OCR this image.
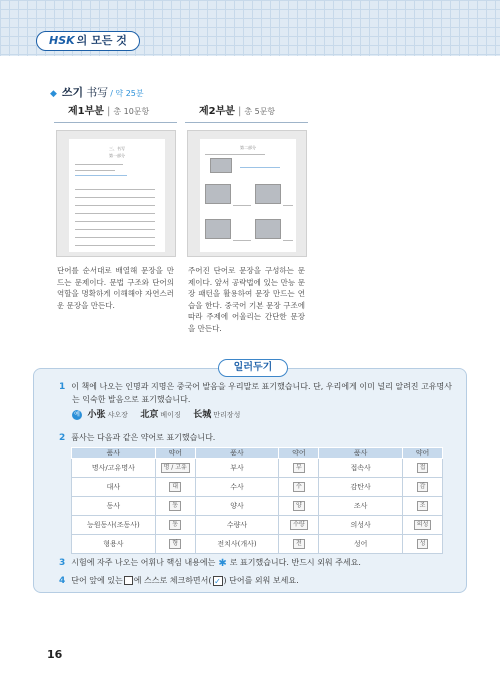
HSK 의 모든 것
◆ 쓰기 书写 / 약 25분
제1부분 | 총 10문항
三、书写
第一部分
단어를 순서대로 배열해 문장을 만드는 문제이다. 문법 구조와 단어의 역할을 명확하게 이해해야 자연스러운 문장을 만든다.
제2부분 | 총 5문항
第二部分
주어진 단어로 문장을 구성하는 문제이다. 앞서 공략법에 있는 만능 문장 패턴을 활용하여 문장 만드는 연습을 한다. 중국어 기본 문장 구조에 따라 주제에 어울리는 간단한 문장을 만든다.
일러두기
1 이 책에 나오는 인명과 지명은 중국어 발음을 우리말로 표기했습니다. 단, 우리에게 이미 널리 알려진 고유명사
는 익숙한 발음으로 표기했습니다.
예 小张 샤오장 北京 베이징 长城 만리장성
2 품사는 다음과 같은 약어로 표기했습니다.
품사	약어	품사	약어	품사	약어
명사/고유명사	명 / 고유	부사	부	접속사	접
대사	대	수사	수	감탄사	감
동사	동	양사	양	조사	조
능원동사(조동사)	동	수량사	수량	의성사	의성
형용사	형	전치사(개사)	전	성어	성
3 시험에 자주 나오는 어휘나 핵심 내용에는 ✱ 로 표기했습니다. 반드시 외워 주세요.
4 단어 앞에 있는 에 스스로 체크하면서( ✓ ) 단어를 외워 보세요.
16
